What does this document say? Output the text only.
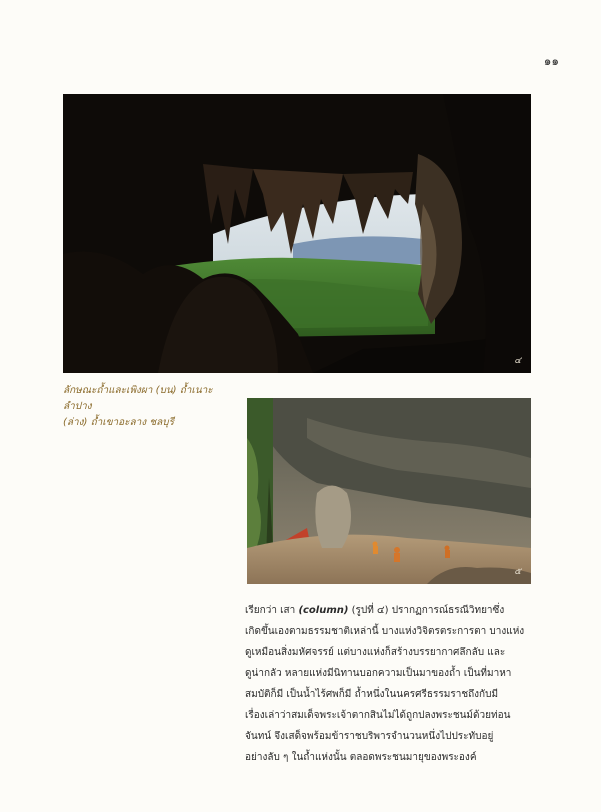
๑๑
๔
ลักษณะถ้ำและเพิงผา (บน) ถ้ำเนาะ ลำปาง
(ล่าง) ถ้ำเขาอะลาง ชลบุรี
๕
เรียกว่า เสา (column) (รูปที่ ๔) ปรากฏการณ์ธรณีวิทยาซึ่ง
เกิดขึ้นเองตามธรรมชาติเหล่านี้ บางแห่งวิจิตรตระการตา บางแห่ง
ดูเหมือนสิ่งมหัศจรรย์ แต่บางแห่งก็สร้างบรรยากาศลึกลับ และ
ดูน่ากลัว หลายแห่งมีนิทานบอกความเป็นมาของถ้ำ เป็นที่มาหา
สมบัติก็มี เป็นน้ำไร้ศพก็มี ถ้ำหนึ่งในนครศรีธรรมราชถึงกับมี
เรื่องเล่าว่าสมเด็จพระเจ้าตากสินไม่ได้ถูกปลงพระชนม์ด้วยท่อน
จันทน์ จึงเสด็จพร้อมข้าราชบริพารจำนวนหนึ่งไปประทับอยู่
อย่างลับ ๆ ในถ้ำแห่งนั้น ตลอดพระชนมายุของพระองค์
